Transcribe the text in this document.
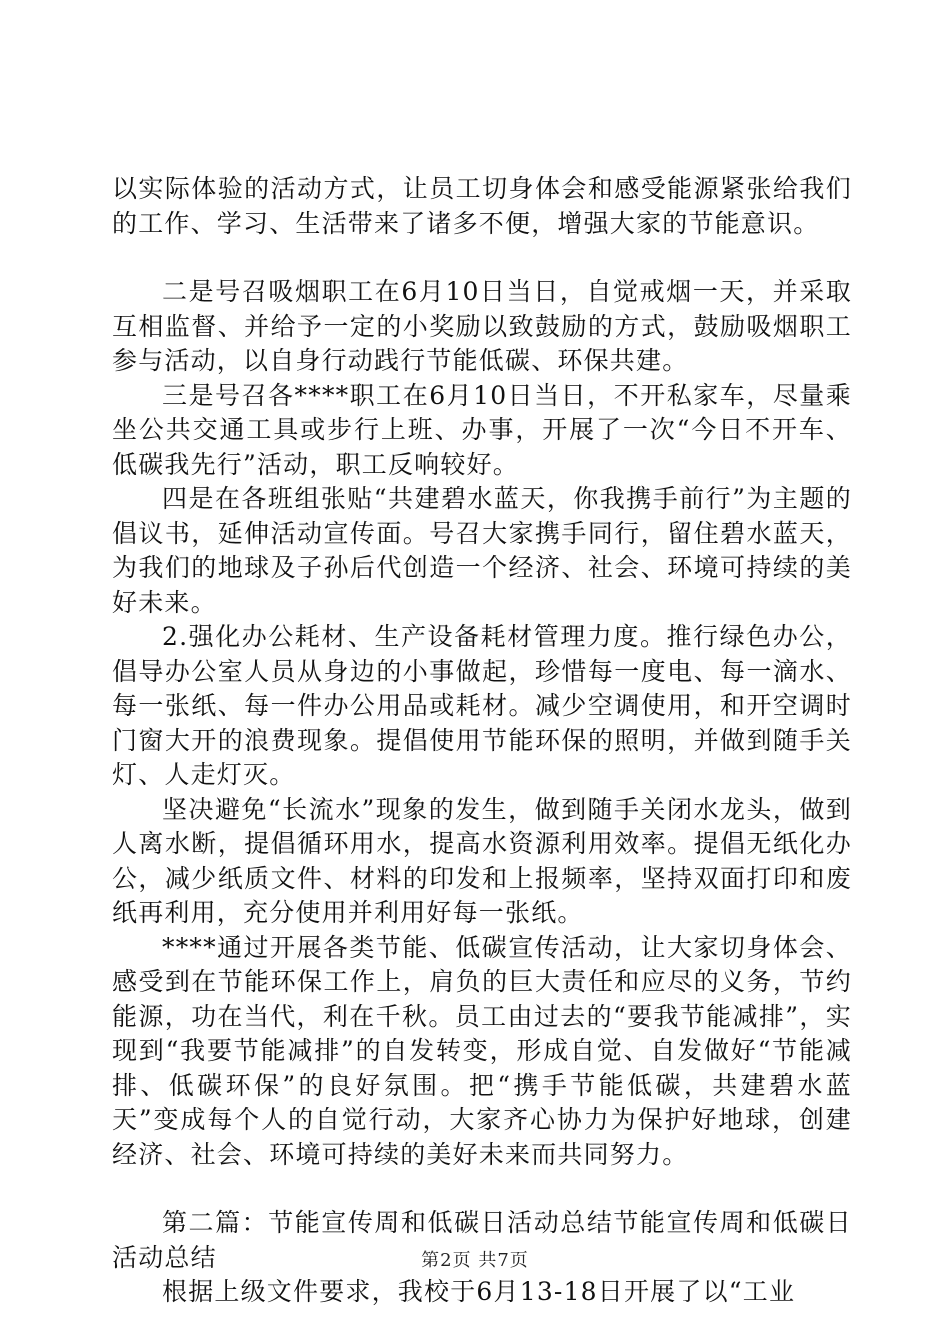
以实际体验的活动方式，让员工切身体会和感受能源紧张给我们的工作、学习、生活带来了诸多不便，增强大家的节能意识。

二是号召吸烟职工在6月10日当日，自觉戒烟一天，并采取互相监督、并给予一定的小奖励以致鼓励的方式，鼓励吸烟职工参与活动，以自身行动践行节能低碳、环保共建。

三是号召各****职工在6月10日当日，不开私家车，尽量乘坐公共交通工具或步行上班、办事，开展了一次“今日不开车、低碳我先行”活动，职工反响较好。

四是在各班组张贴“共建碧水蓝天，你我携手前行”为主题的倡议书，延伸活动宣传面。号召大家携手同行，留住碧水蓝天，为我们的地球及子孙后代创造一个经济、社会、环境可持续的美好未来。

2.强化办公耗材、生产设备耗材管理力度。推行绿色办公，倡导办公室人员从身边的小事做起，珍惜每一度电、每一滴水、每一张纸、每一件办公用品或耗材。减少空调使用，和开空调时门窗大开的浪费现象。提倡使用节能环保的照明，并做到随手关灯、人走灯灭。

坚决避免“长流水”现象的发生，做到随手关闭水龙头，做到人离水断，提倡循环用水，提高水资源利用效率。提倡无纸化办公，减少纸质文件、材料的印发和上报频率，坚持双面打印和废纸再利用，充分使用并利用好每一张纸。

****通过开展各类节能、低碳宣传活动，让大家切身体会、感受到在节能环保工作上，肩负的巨大责任和应尽的义务，节约能源，功在当代，利在千秋。员工由过去的“要我节能减排”，实现到“我要节能减排”的自发转变，形成自觉、自发做好“节能减排、低碳环保”的良好氛围。把“携手节能低碳，共建碧水蓝天”变成每个人的自觉行动，大家齐心协力为保护好地球，创建经济、社会、环境可持续的美好未来而共同努力。

第二篇：节能宣传周和低碳日活动总结节能宣传周和低碳日活动总结

根据上级文件要求，我校于6月13-18日开展了以“工业

第2页 共7页
